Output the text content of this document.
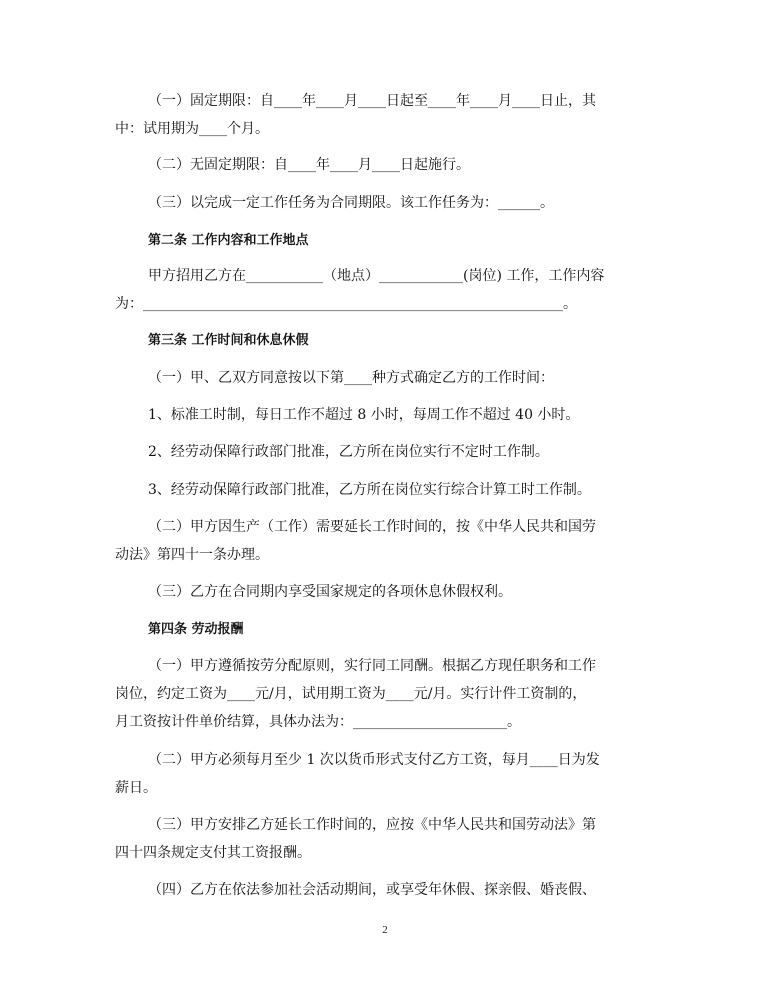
（一）固定期限：自____年____月____日起至____年____月____日止，其
中：试用期为____个月。
（二）无固定期限：自____年____月____日起施行。
（三）以完成一定工作任务为合同期限。该工作任务为：______。
第二条 工作内容和工作地点
甲方招用乙方在___________（地点）____________(岗位) 工作，工作内容
为：____________________________________________________________。
第三条 工作时间和休息休假
（一）甲、乙双方同意按以下第____种方式确定乙方的工作时间：
1、标准工时制，每日工作不超过 8 小时，每周工作不超过 40 小时。
2、经劳动保障行政部门批准，乙方所在岗位实行不定时工作制。
3、经劳动保障行政部门批准，乙方所在岗位实行综合计算工时工作制。
（二）甲方因生产（工作）需要延长工作时间的，按《中华人民共和国劳
动法》第四十一条办理。
（三）乙方在合同期内享受国家规定的各项休息休假权利。
第四条 劳动报酬
（一）甲方遵循按劳分配原则，实行同工同酬。根据乙方现任职务和工作
岗位，约定工资为____元/月，试用期工资为____元/月。实行计件工资制的，
月工资按计件单价结算，具体办法为：______________________。
（二）甲方必须每月至少 1 次以货币形式支付乙方工资，每月____日为发
薪日。
（三）甲方安排乙方延长工作时间的，应按《中华人民共和国劳动法》第
四十四条规定支付其工资报酬。
（四）乙方在依法参加社会活动期间，或享受年休假、探亲假、婚丧假、
2
